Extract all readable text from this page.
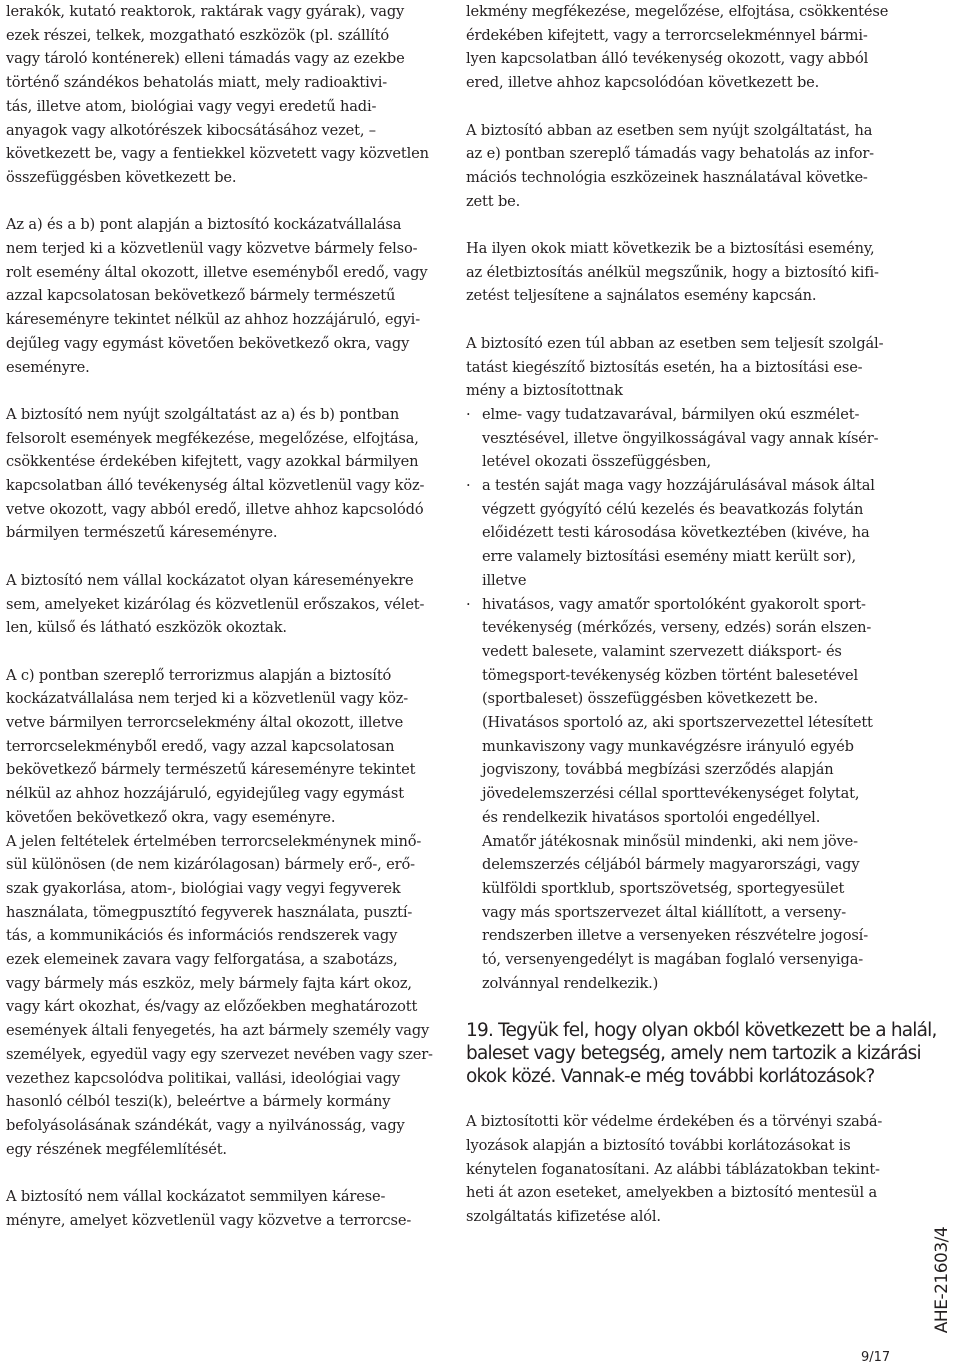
lerakók, kutató reaktorok, raktárak vagy gyárak), vagy
ezek részei, telkek, mozgatható eszközök (pl. szállító
vagy tároló konténerek) elleni támadás vagy az ezekbe
történő szándékos behatolás miatt, mely radioaktivi-
tás, illetve atom, biológiai vagy vegyi eredetű hadi-
anyagok vagy alkotórészek kibocsátásához vezet, –
következett be, vagy a fentiekkel közvetett vagy közvetlen
összefüggésben következett be.

Az a) és a b) pont alapján a biztosító kockázatvállalása
nem terjed ki a közvetlenül vagy közvetve bármely felso-
rolt esemény által okozott, illetve eseményből eredő, vagy
azzal kapcsolatosan bekövetkező bármely természetű
káreseményre tekintet nélkül az ahhoz hozzájáruló, egyi-
dejűleg vagy egymást követően bekövetkező okra, vagy
eseményre.

A biztosító nem nyújt szolgáltatást az a) és b) pontban
felsorolt események megfékezése, megelőzése, elfojtása,
csökkentése érdekében kifejtett, vagy azokkal bármilyen
kapcsolatban álló tevékenység által közvetlenül vagy köz-
vetve okozott, vagy abból eredő, illetve ahhoz kapcsolódó
bármilyen természetű káreseményre.

A biztosító nem vállal kockázatot olyan káreseményekre
sem, amelyeket kizárólag és közvetlenül erőszakos, vélet-
len, külső és látható eszközök okoztak.

A c) pontban szereplő terrorizmus alapján a biztosító
kockázatvállalása nem terjed ki a közvetlenül vagy köz-
vetve bármilyen terrorcselekmény által okozott, illetve
terrorcselekményből eredő, vagy azzal kapcsolatosan
bekövetkező bármely természetű káreseményre tekintet
nélkül az ahhoz hozzájáruló, egyidejűleg vagy egymást
követően bekövetkező okra, vagy eseményre.

A jelen feltételek értelmében terrorcselekménynek minő-
sül különösen (de nem kizárólagosan) bármely erő-, erő-
szak gyakorlása, atom-, biológiai vagy vegyi fegyverek
használata, tömegpusztító fegyverek használata, pusztí-
tás, a kommunikációs és információs rendszerek vagy
ezek elemeinek zavara vagy felforgatása, a szabotázs,
vagy bármely más eszköz, mely bármely fajta kárt okoz,
vagy kárt okozhat, és/vagy az előzőekben meghatározott
események általi fenyegetés, ha azt bármely személy vagy
személyek, egyedül vagy egy szervezet nevében vagy szer-
vezethez kapcsolódva politikai, vallási, ideológiai vagy
hasonló célból teszi(k), beleértve a bármely kormány
befolyásolásának szándékát, vagy a nyilvánosság, vagy
egy részének megfélemlítését.

A biztosító nem vállal kockázatot semmilyen kárese-
ményre, amelyet közvetlenül vagy közvetve a terrorcse-

lekmény megfékezése, megelőzése, elfojtása, csökkentése
érdekében kifejtett, vagy a terrorcselekménnyel bármi-
lyen kapcsolatban álló tevékenység okozott, vagy abból
ered, illetve ahhoz kapcsolódóan következett be.

A biztosító abban az esetben sem nyújt szolgáltatást, ha
az e) pontban szereplő támadás vagy behatolás az infor-
mációs technológia eszközeinek használatával követke-
zett be.

Ha ilyen okok miatt következik be a biztosítási esemény,
az életbiztosítás anélkül megszűnik, hogy a biztosító kifi-
zetést teljesítene a sajnálatos esemény kapcsán.

A biztosító ezen túl abban az esetben sem teljesít szolgál-
tatást kiegészítő biztosítás esetén, ha a biztosítási ese-
mény a biztosítottnak

· elme- vagy tudatzavarával, bármilyen okú eszmélet-
vesztésével, illetve öngyilkosságával vagy annak kísér-
letével okozati összefüggésben,
· a testén saját maga vagy hozzájárulásával mások által
végzett gyógyító célú kezelés és beavatkozás folytán
előidézett testi károsodása következtében (kivéve, ha
erre valamely biztosítási esemény miatt került sor),
illetve
· hivatásos, vagy amatőr sportolóként gyakorolt sport-
tevékenység (mérkőzés, verseny, edzés) során elszen-
vedett balesete, valamint szervezett diáksport- és
tömegsport-tevékenység közben történt balesetével
(sportbaleset) összefüggésben következett be.
(Hivatásos sportoló az, aki sportszervezettel létesített
munkaviszony vagy munkavégzésre irányuló egyéb
jogviszony, továbbá megbízási szerződés alapján
jövedelemszerzési céllal sporttevékenységet folytat,
és rendelkezik hivatásos sportolói engedéllyel.
Amatőr játékosnak minősül mindenki, aki nem jöve-
delemszerzés céljából bármely magyarországi, vagy
külföldi sportklub, sportszövetség, sportegyesület
vagy más sportszervezet által kiállított, a verseny-
rendszerben illetve a versenyeken részvételre jogosí-
tó, versenyengedélyt is magában foglaló versenyiga-
zolvánnyal rendelkezik.)
19. Tegyük fel, hogy olyan okból következett be a halál,
baleset vagy betegség, amely nem tartozik a kizárási
okok közé. Vannak-e még további korlátozások?

A biztosítotti kör védelme érdekében és a törvényi szabá-
lyozások alapján a biztosító további korlátozásokat is
kénytelen foganatosítani. Az alábbi táblázatokban tekint-
heti át azon eseteket, amelyekben a biztosító mentesül a
szolgáltatás kifizetése alól.

AHE-21603/4
9/17
